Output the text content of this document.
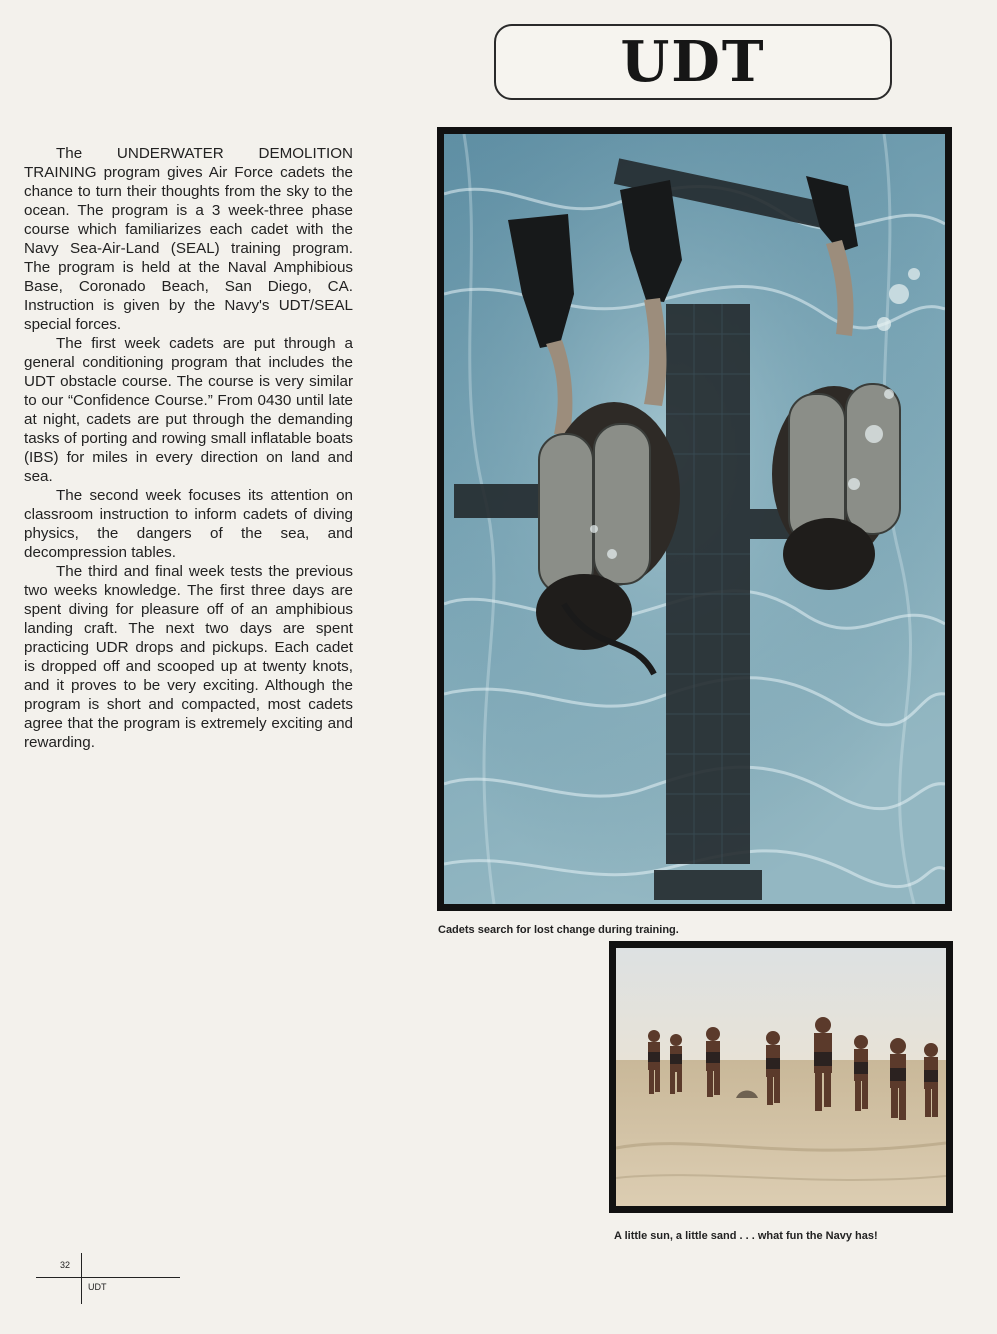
UDT

The UNDERWATER DEMOLITION TRAINING program gives Air Force cadets the chance to turn their thoughts from the sky to the ocean. The program is a 3 week-three phase course which familiarizes each cadet with the Navy Sea-Air-Land (SEAL) training program. The program is held at the Naval Amphibious Base, Coronado Beach, San Diego, CA. Instruction is given by the Navy's UDT/SEAL special forces.

The first week cadets are put through a general conditioning program that includes the UDT obstacle course. The course is very similar to our “Confidence Course.” From 0430 until late at night, cadets are put through the demanding tasks of porting and rowing small inflatable boats (IBS) for miles in every direction on land and sea.

The second week focuses its attention on classroom instruction to inform cadets of diving physics, the dangers of the sea, and decompression tables.

The third and final week tests the previous two weeks knowledge. The first three days are spent diving for pleasure off of an amphibious landing craft. The next two days are spent practicing UDR drops and pickups. Each cadet is dropped off and scooped up at twenty knots, and it proves to be very exciting. Although the program is short and compacted, most cadets agree that the program is extremely exciting and rewarding.

Cadets search for lost change during training.
A little sun, a little sand . . . what fun the Navy has!
32
UDT
